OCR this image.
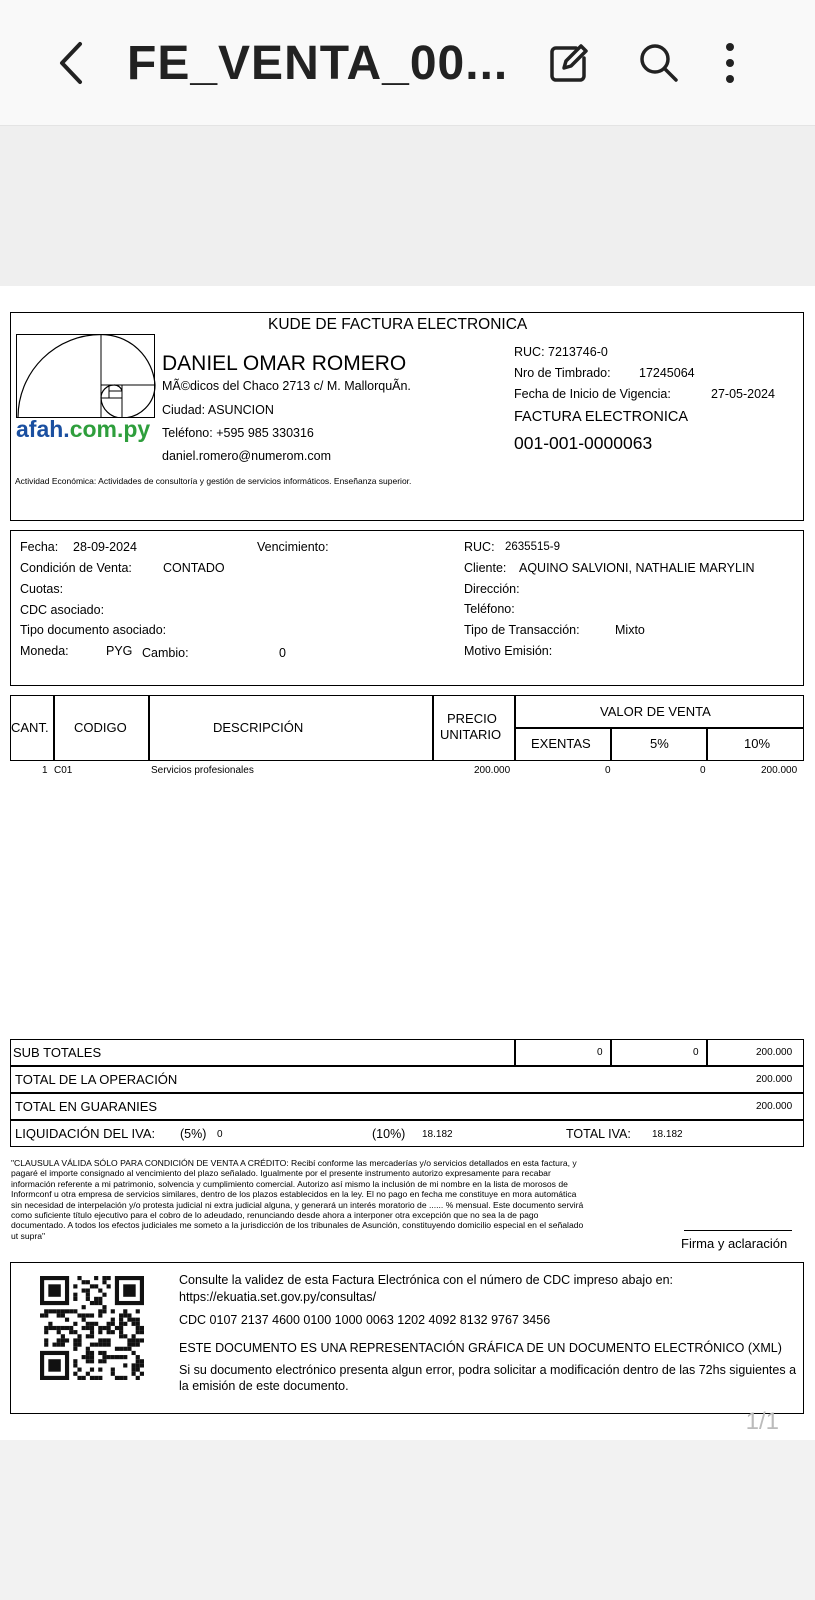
FE_VENTA_00...
KUDE DE FACTURA ELECTRONICA
afah.com.py
DANIEL OMAR ROMERO
MÃ©dicos del Chaco 2713 c/ M. MallorquÃn.
Ciudad: ASUNCION
Teléfono: +595 985 330316
daniel.romero@numerom.com
Actividad Económica: Actividades de consultoría y gestión de servicios informáticos. Enseñanza superior.
RUC: 7213746-0
Nro de Timbrado: 17245064
Fecha de Inicio de Vigencia:	27-05-2024
FACTURA ELECTRONICA
001-001-0000063
Fecha: 28-09-2024	Vencimiento:
Condición de Venta: CONTADO
Cuotas:
CDC asociado:
Tipo documento asociado:
Moneda:	PYG Cambio:	0
RUC: 2635515-9
Cliente: AQUINO SALVIONI, NATHALIE MARYLIN
Dirección:
Teléfono:
Tipo de Transacción:	Mixto
Motivo Emisión:
CANT. CODIGO	DESCRIPCIÓN
PRECIO
UNITARIO
VALOR DE VENTA
EXENTAS	5%	10%
1 C01	Servicios profesionales	200.000	0	0	200.000
SUB TOTALES	0	0	200.000
TOTAL DE LA OPERACIÓN	200.000
TOTAL EN GUARANIES	200.000
LIQUIDACIÓN DEL IVA: (5%) 0	(10%) 18.182	TOTAL IVA: 18.182
"CLAUSULA VÁLIDA SÓLO PARA CONDICIÓN DE VENTA A CRÉDITO: Recibí conforme las mercaderías y/o servicios detallados en esta factura, y
pagaré el importe consignado al vencimiento del plazo señalado. Igualmente por el presente instrumento autorizo expresamente para recabar
información referente a mi patrimonio, solvencia y cumplimiento comercial. Autorizo así mismo la inclusión de mi nombre en la lista de morosos de
Informconf u otra empresa de servicios similares, dentro de los plazos establecidos en la ley. El no pago en fecha me constituye en mora automática
sin necesidad de interpelación y/o protesta judicial ni extra judicial alguna, y generará un interés moratorio de ...... % mensual. Este documento servirá
como suficiente título ejecutivo para el cobro de lo adeudado, renunciando desde ahora a interponer otra excepción que no sea la de pago
documentado. A todos los efectos judiciales me someto a la jurisdicción de los tribunales de Asunción, constituyendo domicilio especial en el señalado
ut supra"
Firma y aclaración
Consulte la validez de esta Factura Electrónica con el número de CDC impreso abajo en:
https://ekuatia.set.gov.py/consultas/
CDC 0107 2137 4600 0100 1000 0063 1202 4092 8132 9767 3456
ESTE DOCUMENTO ES UNA REPRESENTACIÓN GRÁFICA DE UN DOCUMENTO ELECTRÓNICO (XML)
Si su documento electrónico presenta algun error, podra solicitar a modificación dentro de las 72hs siguientes a
la emisión de este documento.
1/1
